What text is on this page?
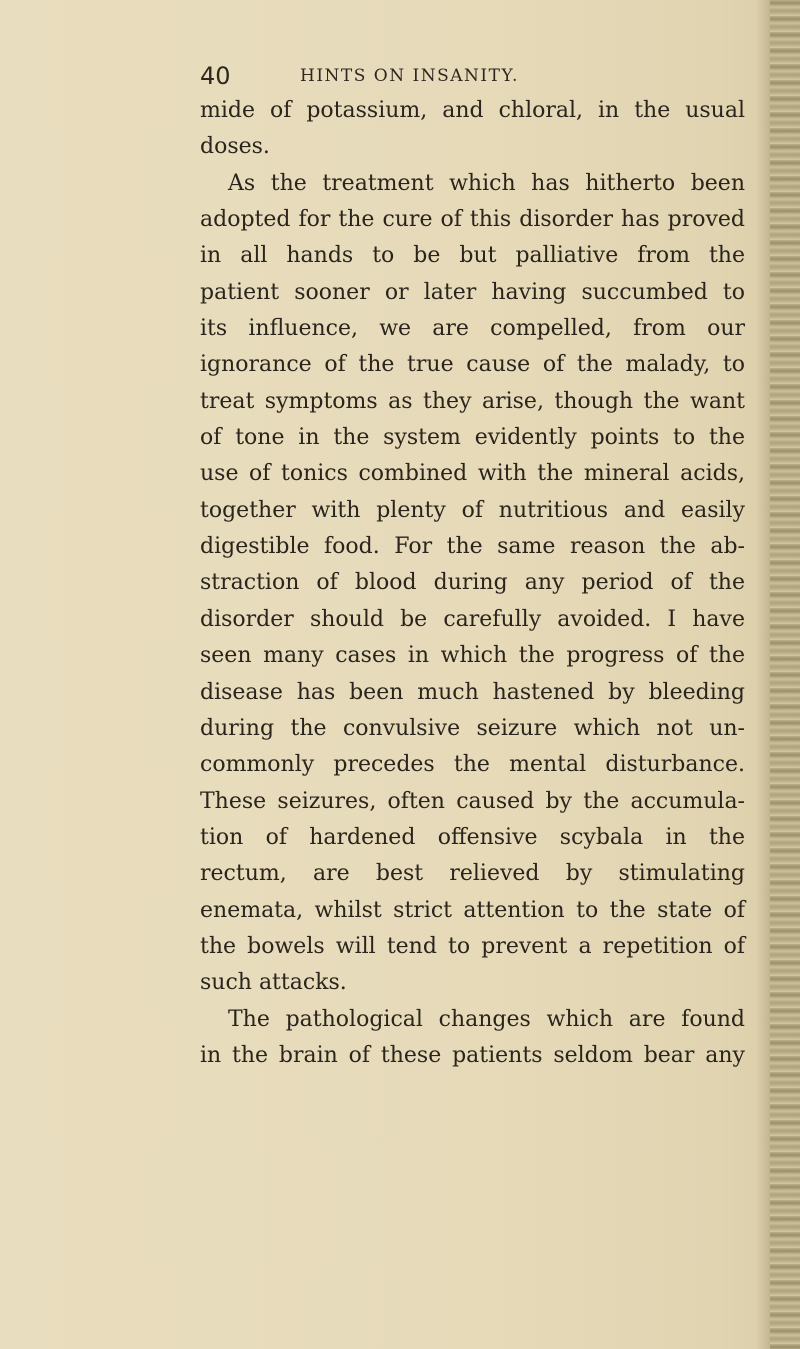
40	HINTS ON INSANITY.
mide of potassium, and chloral, in the usual
doses.
As the treatment which has hitherto been
adopted for the cure of this disorder has proved
in all hands to be but palliative from the
patient sooner or later having succumbed to
its influence, we are compelled, from our
ignorance of the true cause of the malady, to
treat symptoms as they arise, though the want
of tone in the system evidently points to the
use of tonics combined with the mineral acids,
together with plenty of nutritious and easily
digestible food. For the same reason the ab-
straction of blood during any period of the
disorder should be carefully avoided. I have
seen many cases in which the progress of the
disease has been much hastened by bleeding
during the convulsive seizure which not un-
commonly precedes the mental disturbance.
These seizures, often caused by the accumula-
tion of hardened offensive scybala in the
rectum, are best relieved by stimulating
enemata, whilst strict attention to the state of
the bowels will tend to prevent a repetition of
such attacks.
The pathological changes which are found
in the brain of these patients seldom bear any
